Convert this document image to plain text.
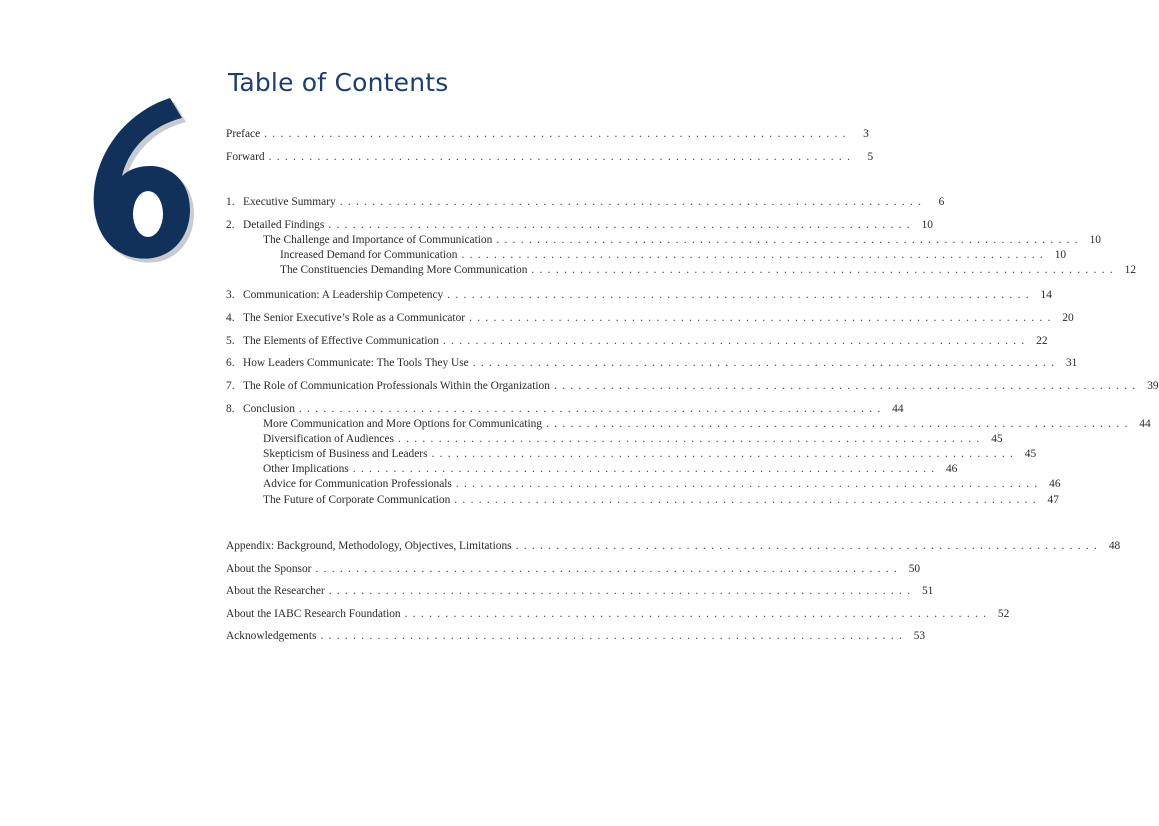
Table of Contents
Preface ........................................................................	3
Forward ........................................................................	5
1. Executive Summary ........................................................................	6
2. Detailed Findings ........................................................................ 10
The Challenge and Importance of Communication ........................................................................ 10
Increased Demand for Communication ........................................................................ 10
The Constituencies Demanding More Communication ........................................................................ 12
3. Communication: A Leadership Competency ........................................................................ 14
4. The Senior Executive’s Role as a Communicator ........................................................................ 20
5. The Elements of Effective Communication ........................................................................ 22
6. How Leaders Communicate: The Tools They Use ........................................................................ 31
7. The Role of Communication Professionals Within the Organization ........................................................................ 39
8. Conclusion ........................................................................ 44
More Communication and More Options for Communicating ........................................................................ 44
Diversification of Audiences ........................................................................ 45
Skepticism of Business and Leaders ........................................................................ 45
Other Implications ........................................................................ 46
Advice for Communication Professionals ........................................................................ 46
The Future of Corporate Communication ........................................................................ 47
Appendix: Background, Methodology, Objectives, Limitations ........................................................................ 48
About the Sponsor ........................................................................ 50
About the Researcher ........................................................................ 51
About the IABC Research Foundation ........................................................................ 52
Acknowledgements ........................................................................ 53
